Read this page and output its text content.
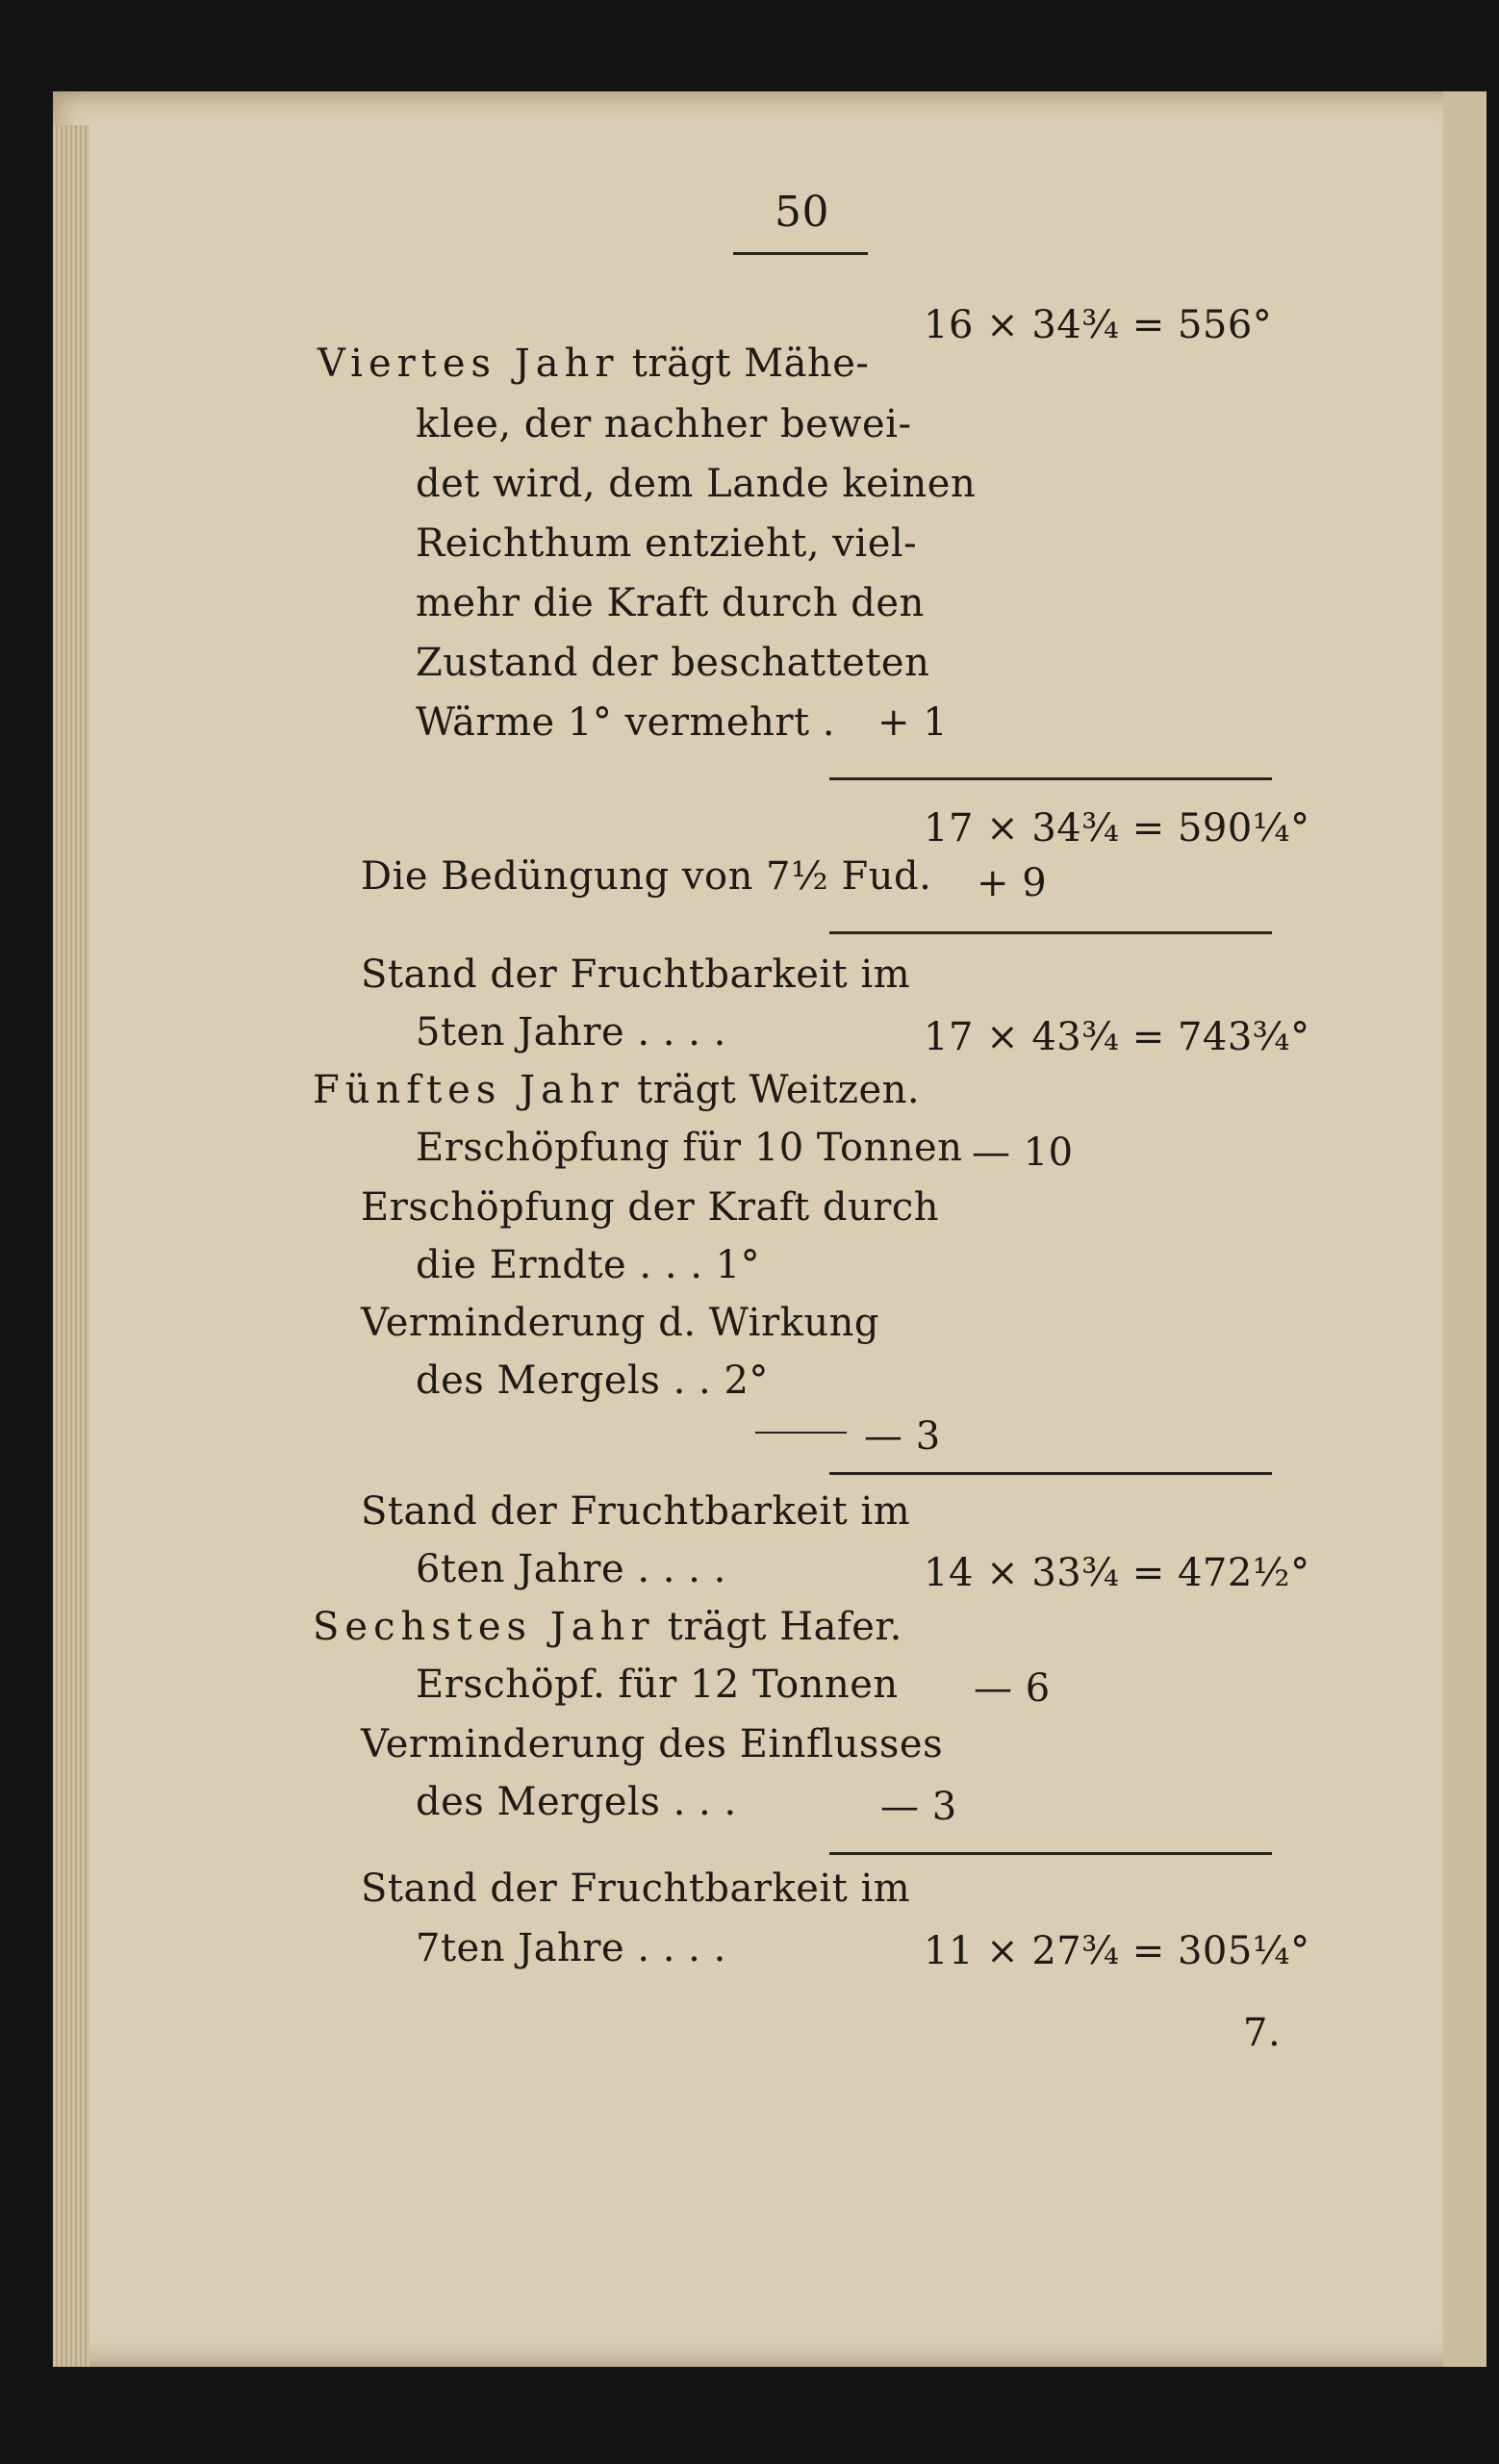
50
16 × 34¾ = 556°
Viertes Jahr trägt Mähe-
klee, der nachher bewei-
det wird, dem Lande keinen
Reichthum entzieht, viel-
mehr die Kraft durch den
Zustand der beschatteten
Wärme 1° vermehrt . + 1
17 × 34¾ = 590¼°
Die Bedüngung von 7½ Fud. + 9
Stand der Fruchtbarkeit im
5ten Jahre . . . .	17 × 43¾ = 743¾°
Fünftes Jahr trägt Weitzen.
Erschöpfung für 10 Tonnen — 10
Erschöpfung der Kraft durch
die Erndte . . . 1°
Verminderung d. Wirkung
des Mergels . . 2°
— 3
Stand der Fruchtbarkeit im
6ten Jahre . . . .	14 × 33¾ = 472½°
Sechstes Jahr trägt Hafer.
Erschöpf. für 12 Tonnen — 6
Verminderung des Einflusses
des Mergels . . .	— 3
Stand der Fruchtbarkeit im
7ten Jahre . . . .	11 × 27¾ = 305¼°
7.
